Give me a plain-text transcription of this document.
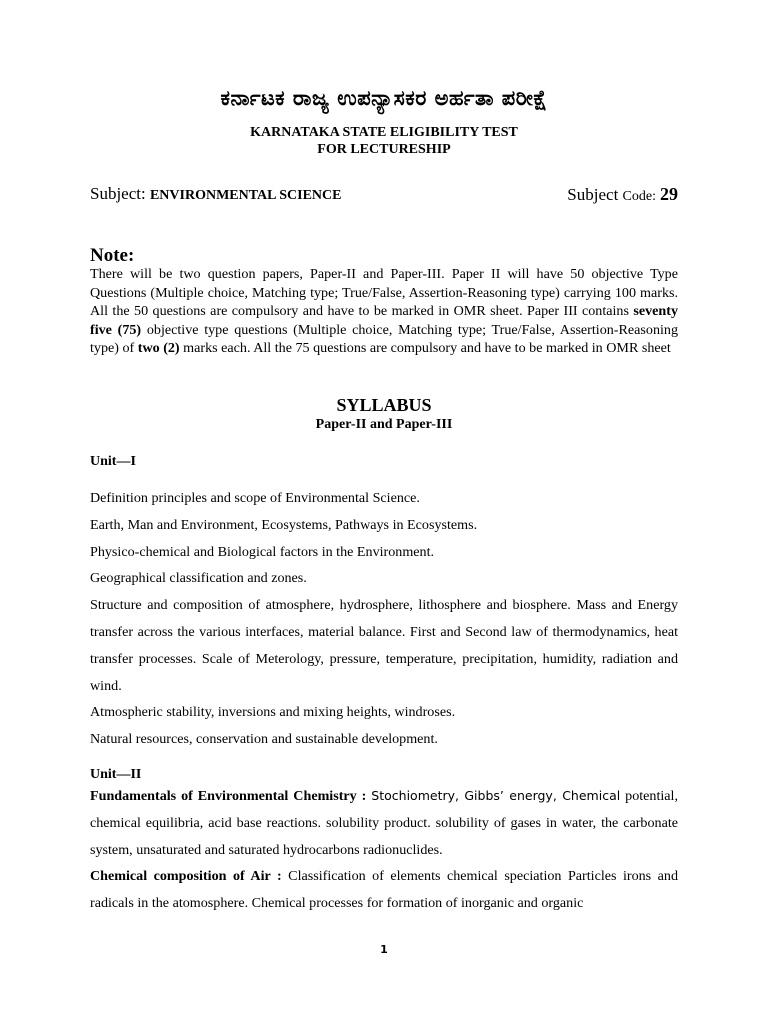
ಕರ್ನಾಟಕ ರಾಜ್ಯ ಉಪನ್ಯಾಸಕರ ಅರ್ಹತಾ ಪರೀಕ್ಷೆ
KARNATAKA STATE ELIGIBILITY TEST
FOR LECTURESHIP
Subject: ENVIRONMENTAL SCIENCE	Subject Code: 29
Note:
There will be two question papers, Paper-II and Paper-III. Paper II will have 50 objective Type Questions (Multiple choice, Matching type; True/False, Assertion-Reasoning type) carrying 100 marks. All the 50 questions are compulsory and have to be marked in OMR sheet. Paper III contains seventy five (75) objective type questions (Multiple choice, Matching type; True/False, Assertion-Reasoning type) of two (2) marks each. All the 75 questions are compulsory and have to be marked in OMR sheet
SYLLABUS
Paper-II and Paper-III
Unit—I

Definition principles and scope of Environmental Science.

Earth, Man and Environment, Ecosystems, Pathways in Ecosystems.

Physico-chemical and Biological factors in the Environment.

Geographical classification and zones.

Structure and composition of atmosphere, hydrosphere, lithosphere and biosphere. Mass and Energy transfer across the various interfaces, material balance. First and Second law of thermodynamics, heat transfer processes. Scale of Meterology, pressure, temperature, precipitation, humidity, radiation and wind.

Atmospheric stability, inversions and mixing heights, windroses.

Natural resources, conservation and sustainable development.

Unit—II

Fundamentals of Environmental Chemistry : Stochiometry, Gibbs’ energy, Chemical potential, chemical equilibria, acid base reactions. solubility product. solubility of gases in water, the carbonate system, unsaturated and saturated hydrocarbons radionuclides.

Chemical composition of Air : Classification of elements chemical speciation Particles irons and radicals in the atomosphere. Chemical processes for formation of inorganic and organic

1
